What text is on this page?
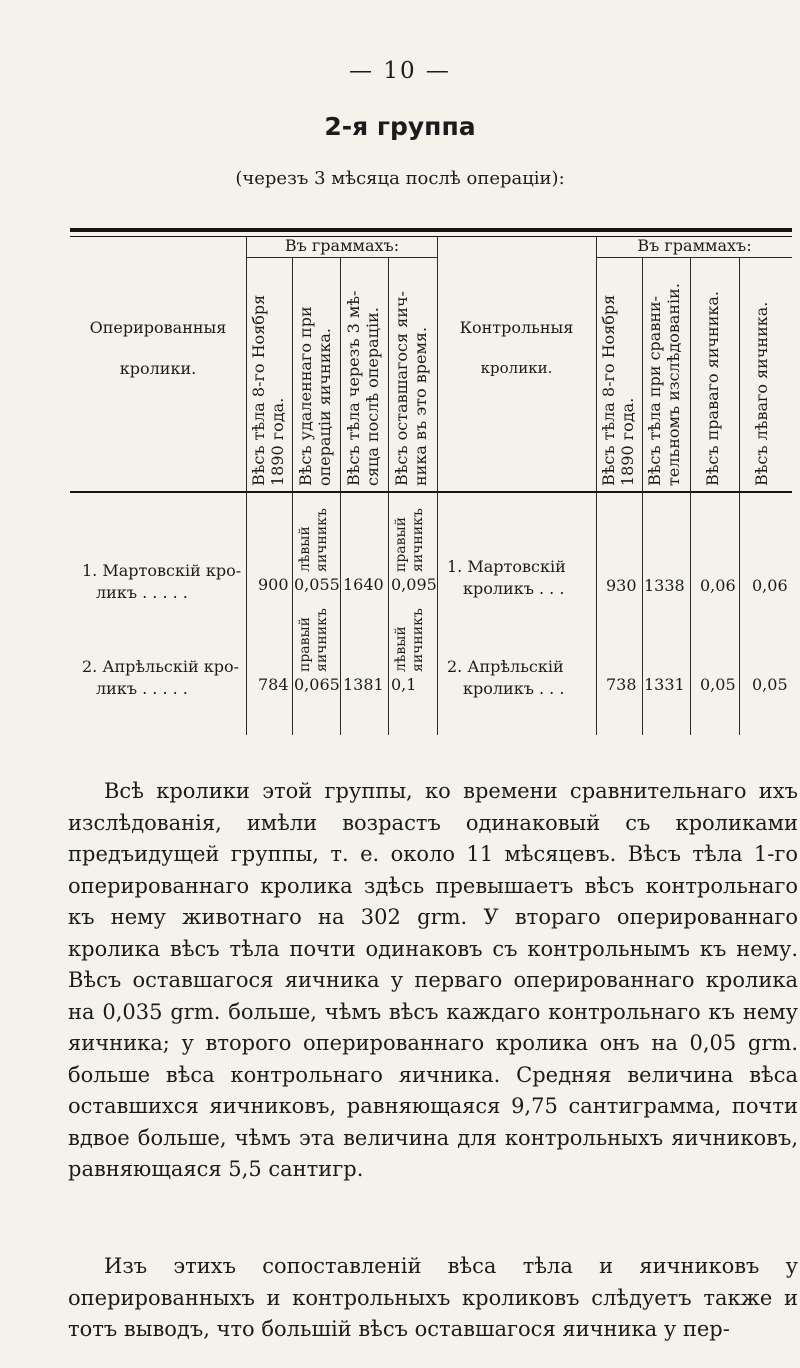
— 10 —
2-я группа
(черезъ 3 мѣсяца послѣ операціи):
Оперированныя
кролики.
Въ граммахъ:
Вѣсъ тѣла 8-го Ноября 1890 года. Вѣсъ удаленнаго при операціи яичника. Вѣсъ тѣла черезъ 3 мѣ- сяца послѣ операціи. Вѣсъ оставшагося яич- ника въ это время.	Контрольныя
кролики.
Въ граммахъ:
Вѣсъ тѣла 8-го Ноября 1890 года. Вѣсъ тѣла при сравни- тельномъ изслѣдованіи. Вѣсъ праваго яичника. Вѣсъ лѣваго яичника.
1. Мартовскій кро-
ликъ . . . . .
2. Апрѣльскій кро-
ликъ . . . . .
900
784
лѣвый яичникъ
0,055
правый яичникъ
0,065
1640
1381
правый яичникъ
0,095
лѣвый яичникъ
0,1
1. Мартовскій
кроликъ . . .
2. Апрѣльскій
кроликъ . . .
930
738
1338
1331
0,06
0,05
0,06
0,05

Всѣ кролики этой группы, ко времени сравнительнаго ихъ изслѣдованія, имѣли возрастъ одинаковый съ кроликами предъидущей группы, т. е. около 11 мѣсяцевъ. Вѣсъ тѣла 1-го оперированнаго кролика здѣсь превышаетъ вѣсъ контрольнаго къ нему животнаго на 302 grm. У втораго оперированнаго кролика вѣсъ тѣла почти одинаковъ съ контрольнымъ къ нему. Вѣсъ оставшагося яичника у перваго оперированнаго кролика на 0,035 grm. больше, чѣмъ вѣсъ каждаго контрольнаго къ нему яичника; у второго оперированнаго кролика онъ на 0,05 grm. больше вѣса контрольнаго яичника. Средняя величина вѣса оставшихся яичниковъ, равняющаяся 9,75 сантиграмма, почти вдвое больше, чѣмъ эта величина для контрольныхъ яичниковъ, равняющаяся 5,5 сантигр.

Изъ этихъ сопоставленій вѣса тѣла и яичниковъ у оперированныхъ и контрольныхъ кроликовъ слѣдуетъ также и тотъ выводъ, что большій вѣсъ оставшагося яичника у пер-
